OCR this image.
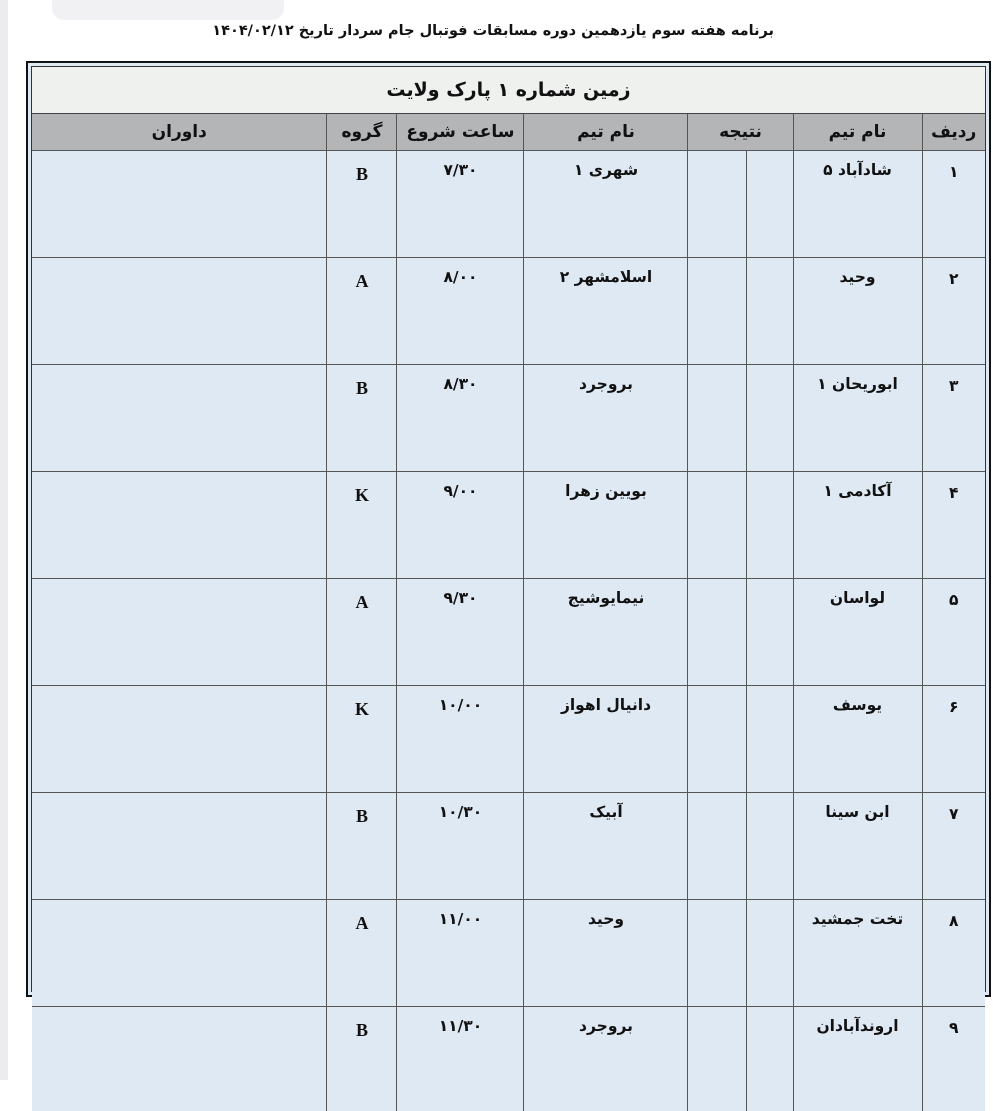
برنامه هفته سوم یازدهمین دوره مسابقات فوتبال جام سردار تاریخ ۱۴۰۴/۰۲/۱۲
زمین شماره ۱ پارک ولایت
ردیف	نام تیم	نتیجه		نام تیم	ساعت شروع	گروه	داوران
۱	شادآباد ۵			شهری ۱	۷/۳۰	B	
۲	وحید			اسلامشهر ۲	۸/۰۰	A	
۳	ابوریحان ۱			بروجرد	۸/۳۰	B	
۴	آکادمی ۱			بویین زهرا	۹/۰۰	K	
۵	لواسان			نیمایوشیج	۹/۳۰	A	
۶	یوسف			دانیال اهواز	۱۰/۰۰	K	
۷	ابن سینا			آبیک	۱۰/۳۰	B	
۸	تخت جمشید			وحید	۱۱/۰۰	A	
۹	اروندآبادان			بروجرد	۱۱/۳۰	B	
